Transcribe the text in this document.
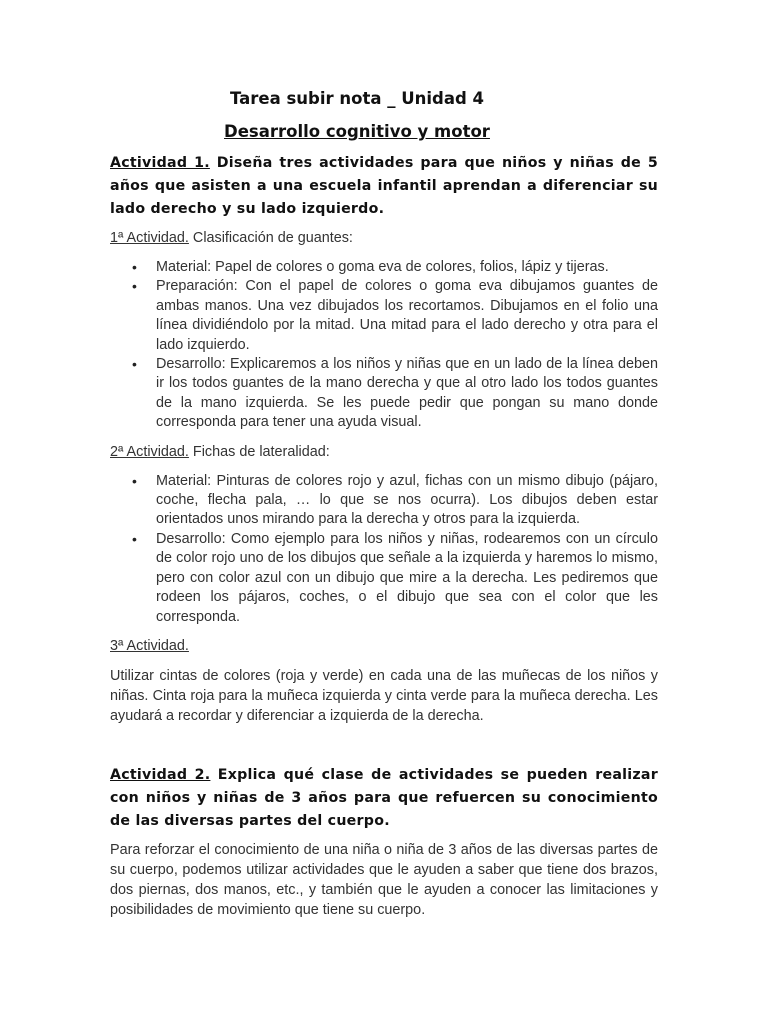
Tarea subir nota _ Unidad 4
Desarrollo cognitivo y motor

Actividad 1. Diseña tres actividades para que niños y niñas de 5 años que asisten a una escuela infantil aprendan a diferenciar su lado derecho y su lado izquierdo.

1ª Actividad. Clasificación de guantes:

• Material: Papel de colores o goma eva de colores, folios, lápiz y tijeras.
• Preparación: Con el papel de colores o goma eva dibujamos guantes de ambas manos. Una vez dibujados los recortamos. Dibujamos en el folio una línea dividiéndolo por la mitad. Una mitad para el lado derecho y otra para el lado izquierdo.
• Desarrollo: Explicaremos a los niños y niñas que en un lado de la línea deben ir los todos guantes de la mano derecha y que al otro lado los todos guantes de la mano izquierda. Se les puede pedir que pongan su mano donde corresponda para tener una ayuda visual.

2ª Actividad. Fichas de lateralidad:

• Material: Pinturas de colores rojo y azul, fichas con un mismo dibujo (pájaro, coche, flecha pala, … lo que se nos ocurra). Los dibujos deben estar orientados unos mirando para la derecha y otros para la izquierda.
• Desarrollo: Como ejemplo para los niños y niñas, rodearemos con un círculo de color rojo uno de los dibujos que señale a la izquierda y haremos lo mismo, pero con color azul con un dibujo que mire a la derecha. Les pediremos que rodeen los pájaros, coches, o el dibujo que sea con el color que les corresponda.

3ª Actividad.

Utilizar cintas de colores (roja y verde) en cada una de las muñecas de los niños y niñas. Cinta roja para la muñeca izquierda y cinta verde para la muñeca derecha. Les ayudará a recordar y diferenciar a izquierda de la derecha.

Actividad 2. Explica qué clase de actividades se pueden realizar con niños y niñas de 3 años para que refuercen su conocimiento de las diversas partes del cuerpo.

Para reforzar el conocimiento de una niña o niña de 3 años de las diversas partes de su cuerpo, podemos utilizar actividades que le ayuden a saber que tiene dos brazos, dos piernas, dos manos, etc., y también que le ayuden a conocer las limitaciones y posibilidades de movimiento que tiene su cuerpo.
